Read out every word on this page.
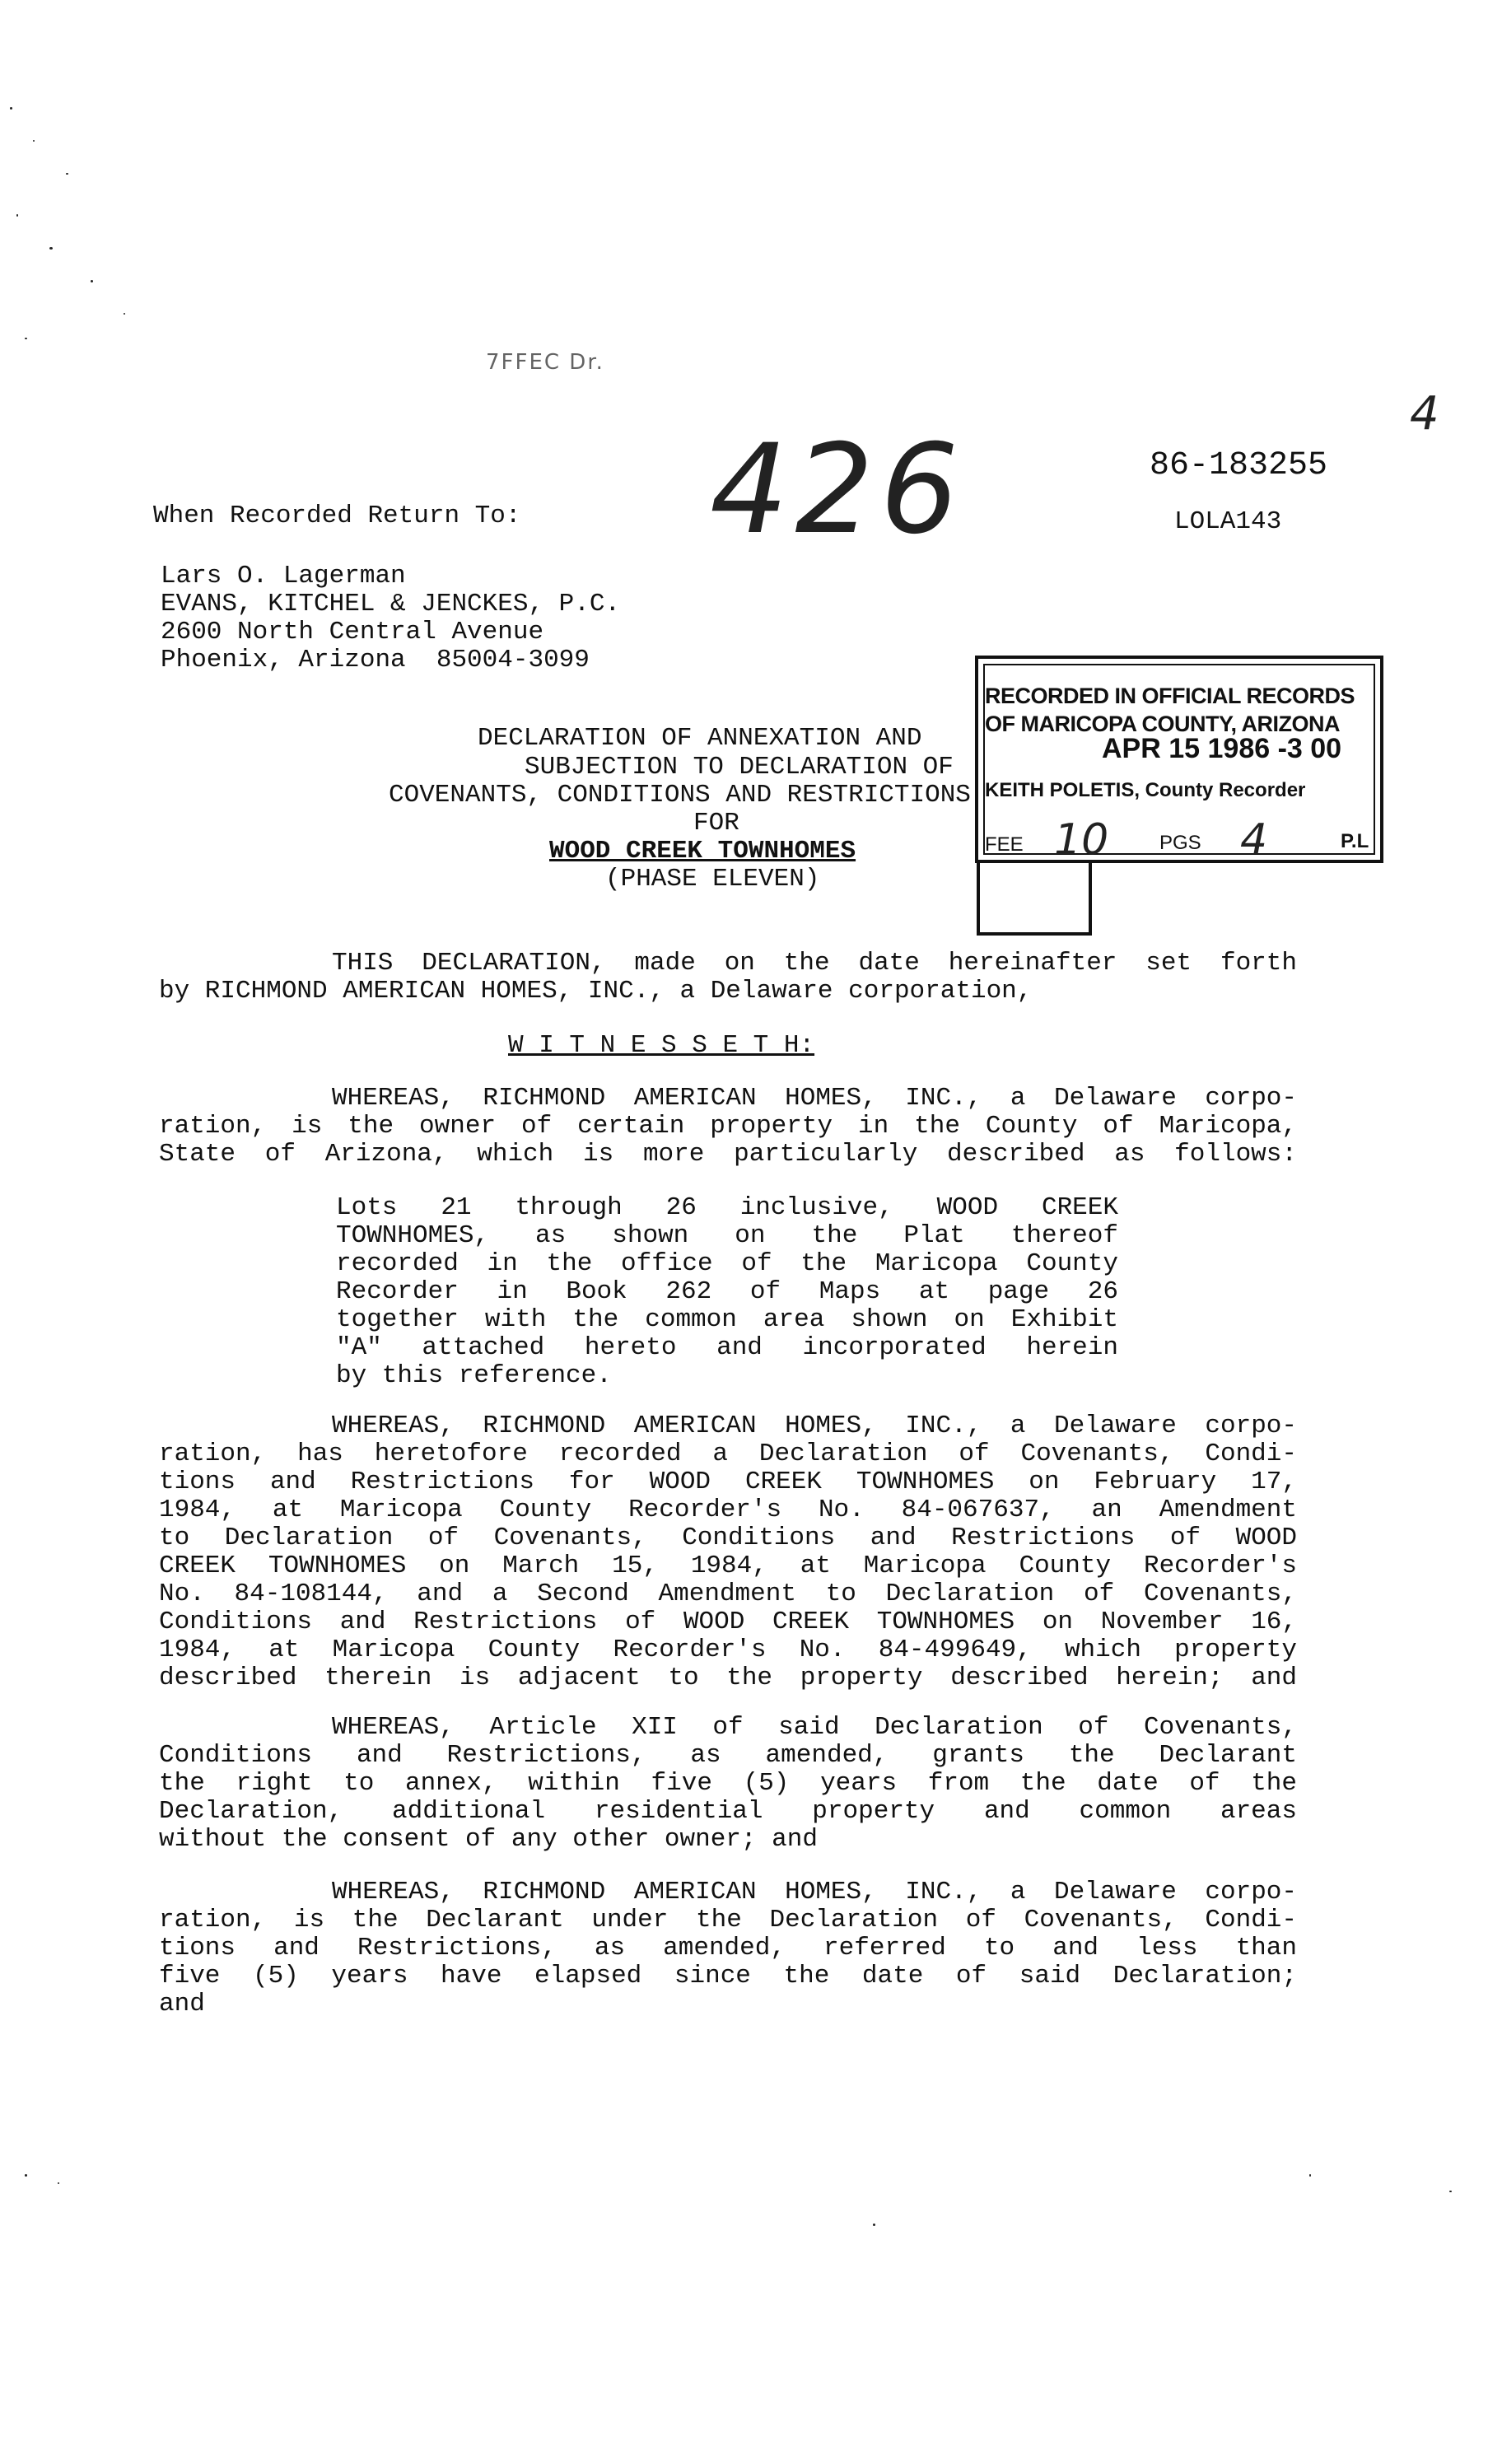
7FFEC Dr.
426
4
86-183255
LOLA143
When Recorded Return To:
Lars O. Lagerman
EVANS, KITCHEL & JENCKES, P.C.
2600 North Central Avenue
Phoenix, Arizona  85004-3099
DECLARATION OF ANNEXATION AND
SUBJECTION TO DECLARATION OF
COVENANTS, CONDITIONS AND RESTRICTIONS
FOR
WOOD CREEK TOWNHOMES
(PHASE ELEVEN)
RECORDED IN OFFICIAL RECORDS
OF MARICOPA COUNTY, ARIZONA
APR 15 1986 -3 00
KEITH POLETIS, County Recorder
FEE 10	PGS 4	P.L
THIS DECLARATION, made on the date hereinafter set forth
by RICHMOND AMERICAN HOMES, INC., a Delaware corporation,
W I T N E S S E T H:
WHEREAS, RICHMOND AMERICAN HOMES, INC., a Delaware corpo-
ration, is the owner of certain property in the County of Maricopa,
State of Arizona, which is more particularly described as follows:
Lots 21 through 26 inclusive, WOOD CREEK
TOWNHOMES, as shown on the Plat thereof
recorded in the office of the Maricopa County
Recorder in Book 262 of Maps at page 26
together with the common area shown on Exhibit
"A" attached hereto and incorporated herein
by this reference.
WHEREAS, RICHMOND AMERICAN HOMES, INC., a Delaware corpo-
ration, has heretofore recorded a Declaration of Covenants, Condi-
tions and Restrictions for WOOD CREEK TOWNHOMES on February 17,
1984, at Maricopa County Recorder's No. 84-067637, an Amendment
to Declaration of Covenants, Conditions and Restrictions of WOOD
CREEK TOWNHOMES on March 15, 1984, at Maricopa County Recorder's
No. 84-108144, and a Second Amendment to Declaration of Covenants,
Conditions and Restrictions of WOOD CREEK TOWNHOMES on November 16,
1984, at Maricopa County Recorder's No. 84-499649, which property
described therein is adjacent to the property described herein; and
WHEREAS, Article XII of said Declaration of Covenants,
Conditions and Restrictions, as amended, grants the Declarant
the right to annex, within five (5) years from the date of the
Declaration, additional residential property and common areas
without the consent of any other owner; and
WHEREAS, RICHMOND AMERICAN HOMES, INC., a Delaware corpo-
ration, is the Declarant under the Declaration of Covenants, Condi-
tions and Restrictions, as amended, referred to and less than
five (5) years have elapsed since the date of said Declaration;
and
